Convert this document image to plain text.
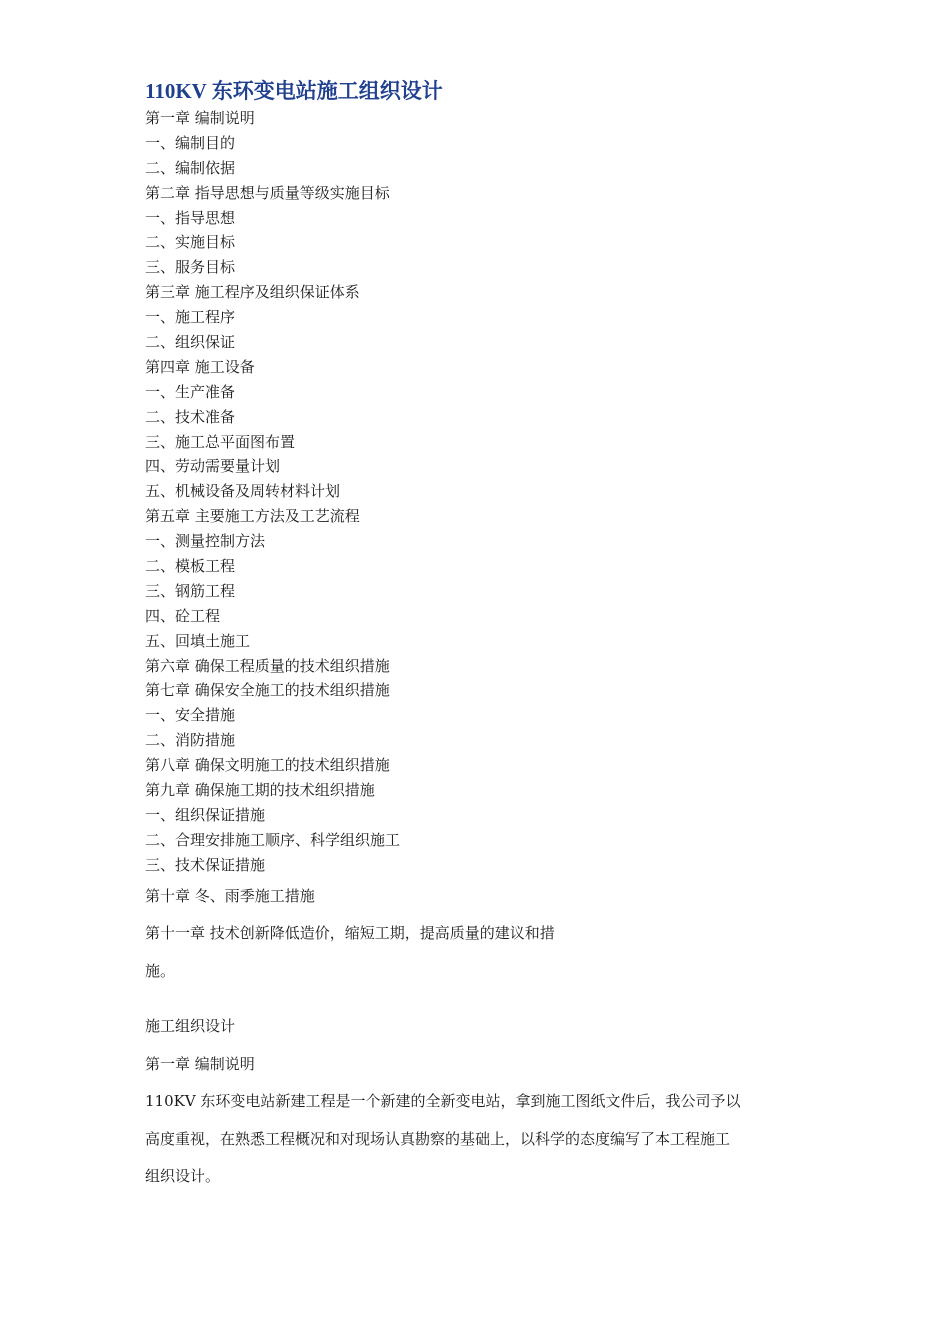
110KV 东环变电站施工组织设计
第一章 编制说明
一、编制目的
二、编制依据
第二章 指导思想与质量等级实施目标
一、指导思想
二、实施目标
三、服务目标
第三章 施工程序及组织保证体系
一、施工程序
二、组织保证
第四章 施工设备
一、生产准备
二、技术准备
三、施工总平面图布置
四、劳动需要量计划
五、机械设备及周转材料计划
第五章 主要施工方法及工艺流程
一、测量控制方法
二、模板工程
三、钢筋工程
四、砼工程
五、回填土施工
第六章 确保工程质量的技术组织措施
第七章 确保安全施工的技术组织措施
一、安全措施
二、消防措施
第八章 确保文明施工的技术组织措施
第九章 确保施工期的技术组织措施
一、组织保证措施
二、合理安排施工顺序、科学组织施工
三、技术保证措施

第十章 冬、雨季施工措施

第十一章 技术创新降低造价，缩短工期，提高质量的建议和措

施。

施工组织设计

第一章 编制说明

110KV 东环变电站新建工程是一个新建的全新变电站，拿到施工图纸文件后，我公司予以

高度重视，在熟悉工程概况和对现场认真勘察的基础上，以科学的态度编写了本工程施工

组织设计。
